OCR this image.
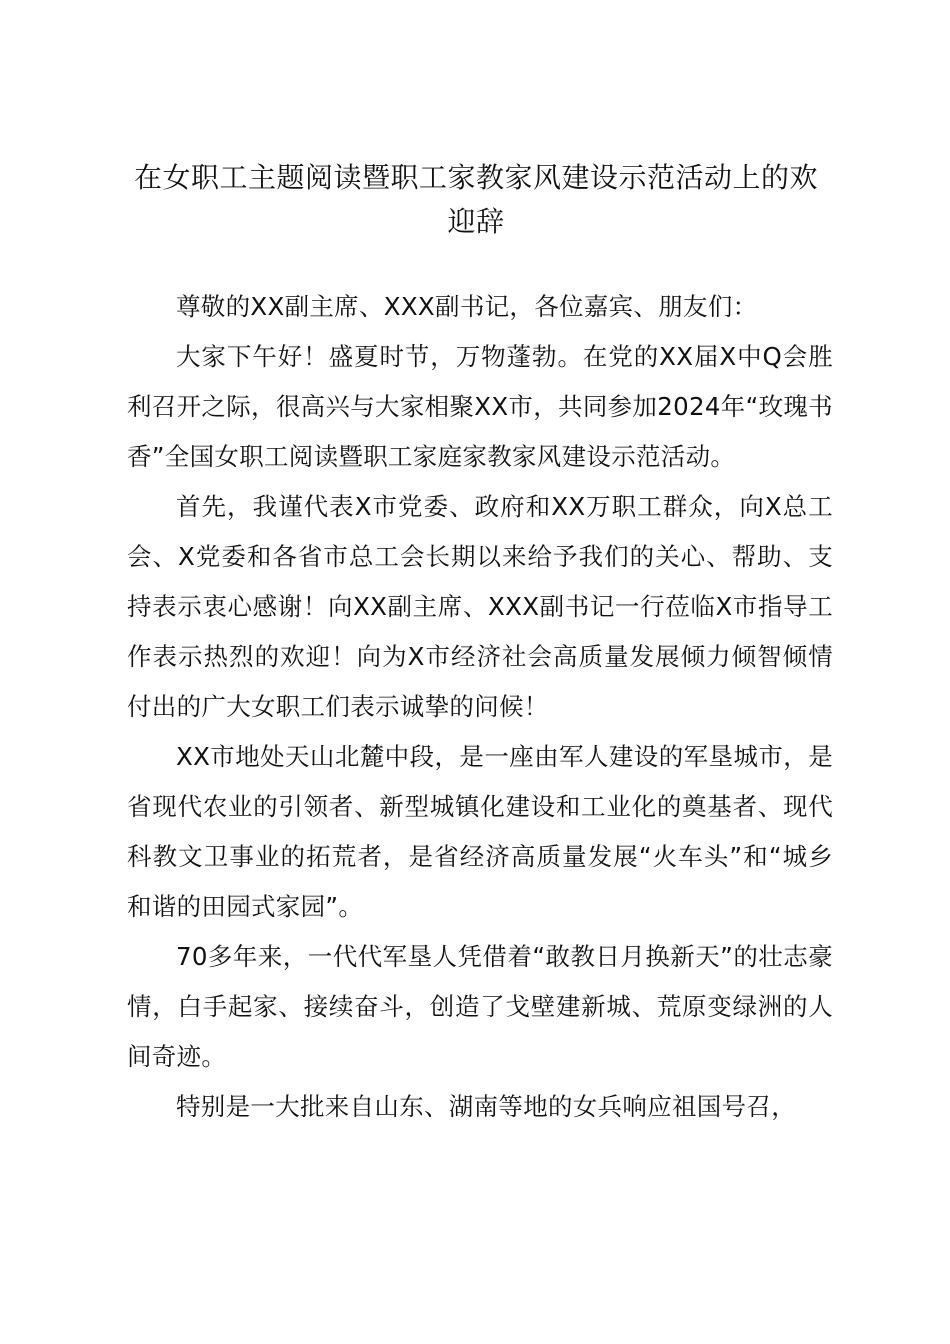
在女职工主题阅读暨职工家教家风建设示范活动上的欢迎辞

尊敬的XX副主席、XXX副书记，各位嘉宾、朋友们：

大家下午好！盛夏时节，万物蓬勃。在党的XX届X中Q会胜利召开之际，很高兴与大家相聚XX市，共同参加2024年“玫瑰书香”全国女职工阅读暨职工家庭家教家风建设示范活动。

首先，我谨代表X市党委、政府和XX万职工群众，向X总工会、X党委和各省市总工会长期以来给予我们的关心、帮助、支持表示衷心感谢！向XX副主席、XXX副书记一行莅临X市指导工作表示热烈的欢迎！向为X市经济社会高质量发展倾力倾智倾情付出的广大女职工们表示诚挚的问候！

XX市地处天山北麓中段，是一座由军人建设的军垦城市，是省现代农业的引领者、新型城镇化建设和工业化的奠基者、现代科教文卫事业的拓荒者，是省经济高质量发展“火车头”和“城乡和谐的田园式家园”。

70多年来，一代代军垦人凭借着“敢教日月换新天”的壮志豪情，白手起家、接续奋斗，创造了戈壁建新城、荒原变绿洲的人间奇迹。

特别是一大批来自山东、湖南等地的女兵响应祖国号召，
